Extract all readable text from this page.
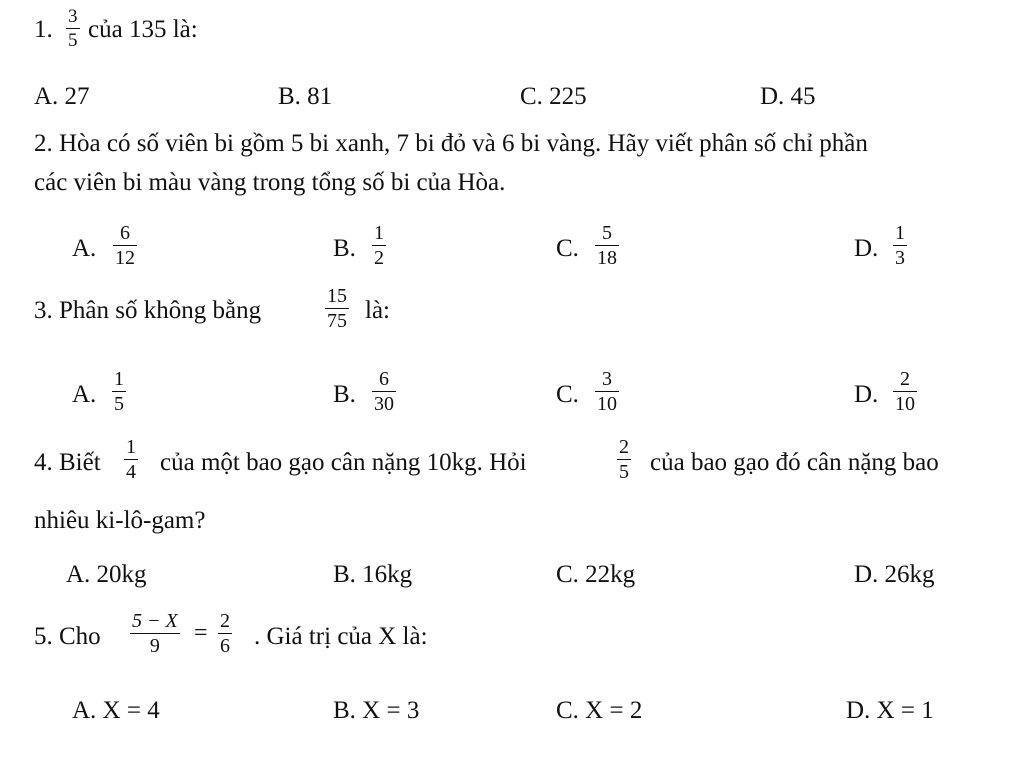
1. 3
5 của 135 là:
A. 27	B. 81	C. 225	D. 45
2. Hòa có số viên bi gồm 5 bi xanh, 7 bi đỏ và 6 bi vàng. Hãy viết phân số chỉ phần
các viên bi màu vàng trong tổng số bi của Hòa.
A.
6
12	B.
1
2	C.
5
18	D.
1
3
3. Phân số không bằng
15
75 là:
A.
1
5	B.
6
30	C.
3
10	D.
2
10
4. Biết
1
4 của một bao gạo cân nặng 10kg. Hỏi
2
5 của bao gạo đó cân nặng bao
nhiêu ki-lô-gam?
A. 20kg	B. 16kg	C. 22kg	D. 26kg
5. Cho
5 − X
9 = 2
6 . Giá trị của X là:
A. X = 4	B. X = 3	C. X = 2	D. X = 1
